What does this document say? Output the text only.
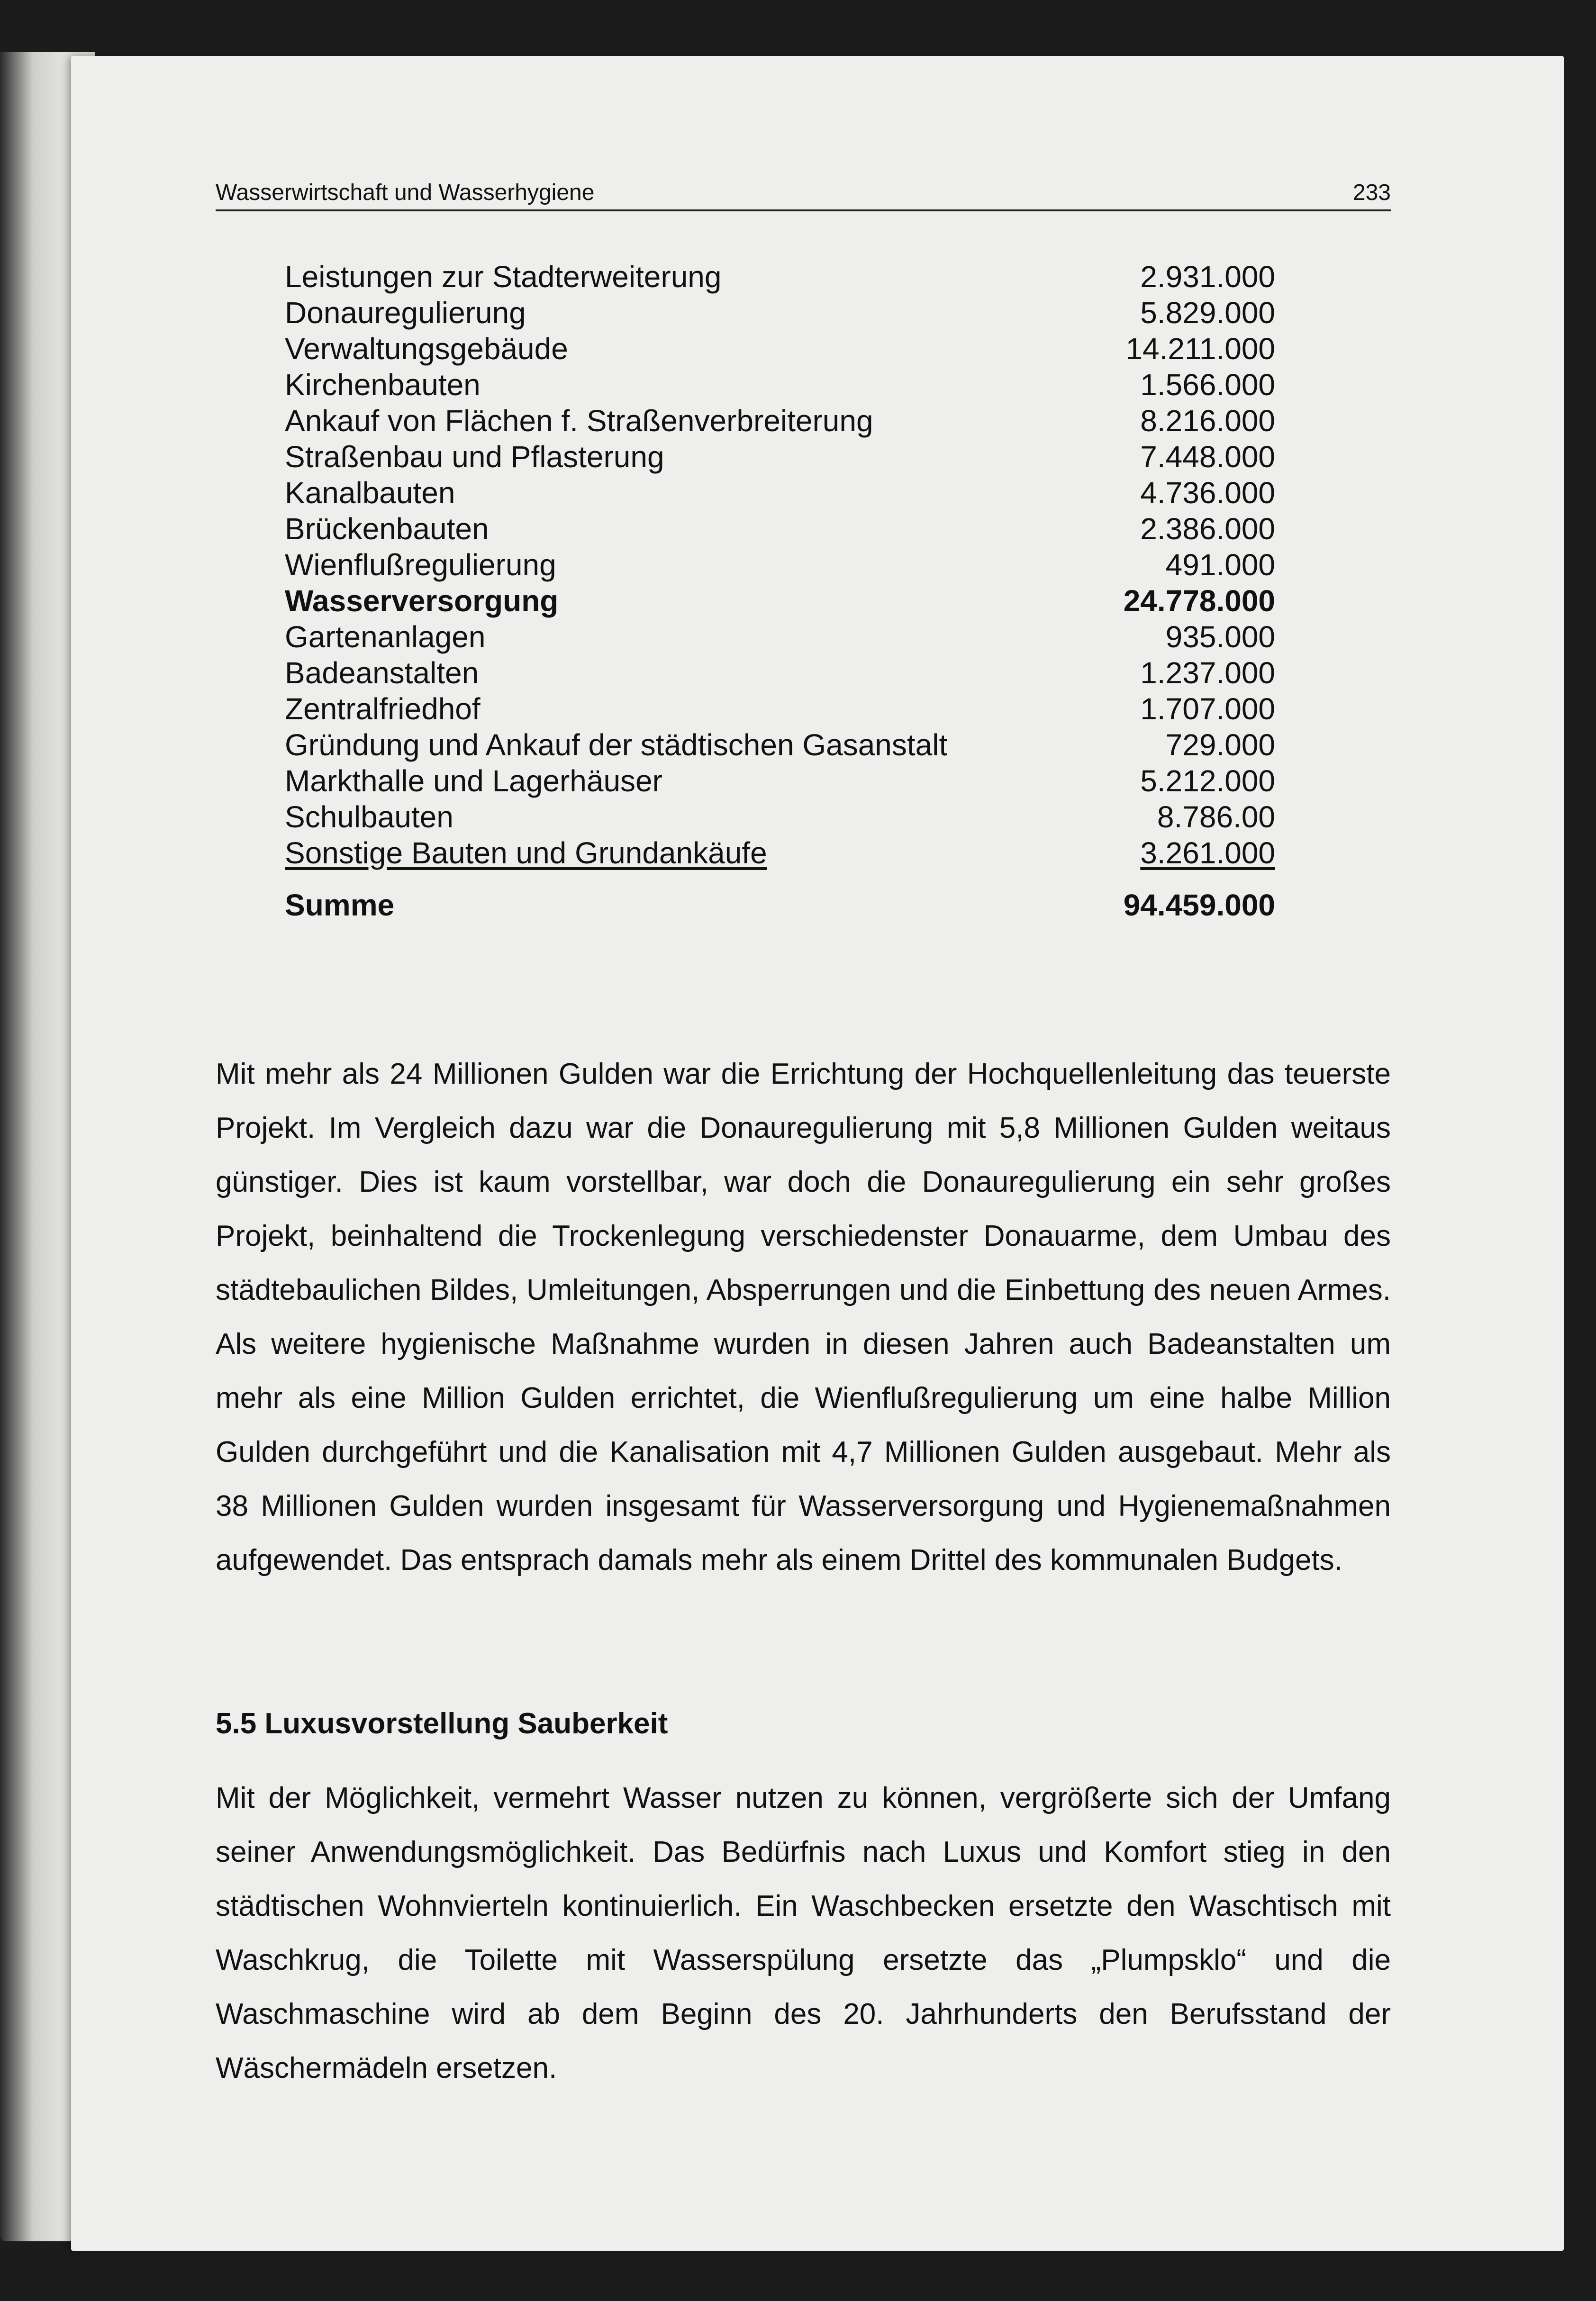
Wasserwirtschaft und Wasserhygiene	233
Leistungen zur Stadterweiterung	2.931.000
Donauregulierung	5.829.000
Verwaltungsgebäude	14.211.000
Kirchenbauten	1.566.000
Ankauf von Flächen f. Straßenverbreiterung	8.216.000
Straßenbau und Pflasterung	7.448.000
Kanalbauten	4.736.000
Brückenbauten	2.386.000
Wienflußregulierung	491.000
Wasserversorgung	24.778.000
Gartenanlagen	935.000
Badeanstalten	1.237.000
Zentralfriedhof	1.707.000
Gründung und Ankauf der städtischen Gasanstalt	729.000
Markthalle und Lagerhäuser	5.212.000
Schulbauten	8.786.00
Sonstige Bauten und Grundankäufe	3.261.000
Summe	94.459.000

Mit mehr als 24 Millionen Gulden war die Errichtung der Hochquellenleitung das teuerste Projekt. Im Vergleich dazu war die Donauregulierung mit 5,8 Millionen Gulden weitaus günstiger. Dies ist kaum vorstellbar, war doch die Donauregulierung ein sehr großes Projekt, beinhaltend die Trockenlegung verschiedenster Donauarme, dem Umbau des städtebaulichen Bildes, Umleitungen, Absperrungen und die Einbettung des neuen Armes. Als weitere hygienische Maßnahme wurden in diesen Jahren auch Badeanstalten um mehr als eine Million Gulden errichtet, die Wienflußregulierung um eine halbe Million Gulden durchgeführt und die Kanalisation mit 4,7 Millionen Gulden ausgebaut. Mehr als 38 Millionen Gulden wurden insgesamt für Wasserversorgung und Hygienemaßnahmen aufgewendet. Das entsprach damals mehr als einem Drittel des kommunalen Budgets.

5.5 Luxusvorstellung Sauberkeit

Mit der Möglichkeit, vermehrt Wasser nutzen zu können, vergrößerte sich der Umfang seiner Anwendungsmöglichkeit. Das Bedürfnis nach Luxus und Komfort stieg in den städtischen Wohnvierteln kontinuierlich. Ein Waschbecken ersetzte den Waschtisch mit Waschkrug, die Toilette mit Wasserspülung ersetzte das „Plumpsklo“ und die Waschmaschine wird ab dem Beginn des 20. Jahrhunderts den Berufsstand der Wäschermädeln ersetzen.
